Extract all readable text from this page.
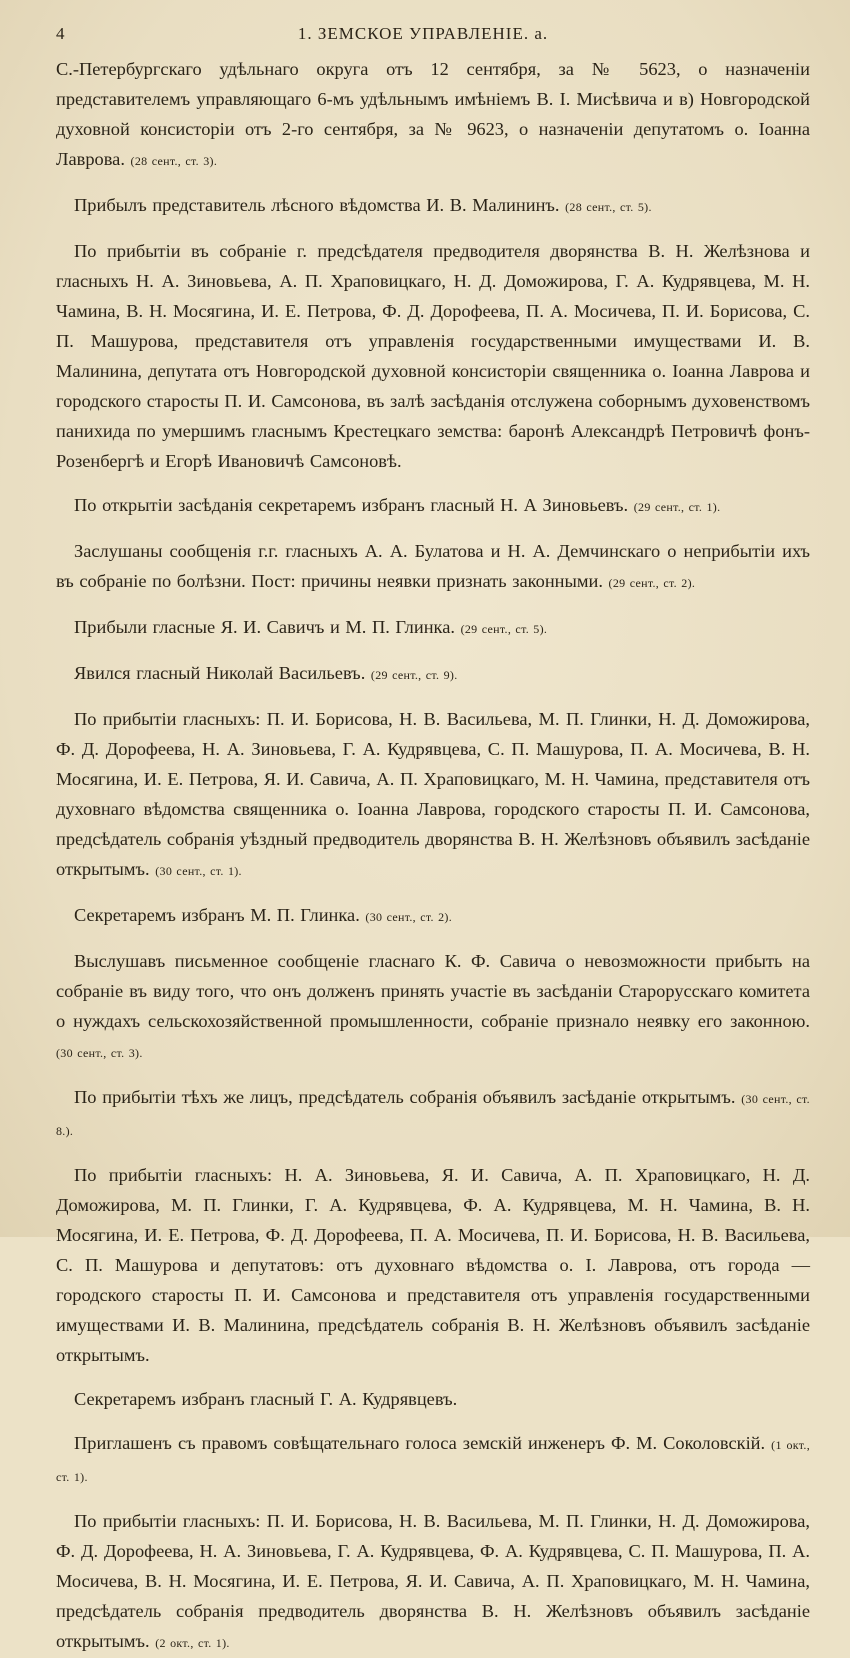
4	1. ЗЕМСКОЕ УПРАВЛЕНІЕ. а.

С.-Петербургскаго удѣльнаго округа отъ 12 сентября, за № 5623, о назначеніи представителемъ управляющаго 6-мъ удѣльнымъ имѣніемъ В. I. Мисѣвича и в) Новгородской духовной консисторіи отъ 2-го сентября, за № 9623, о назначеніи депутатомъ о. Іоанна Лаврова. (28 сент., ст. 3).

Прибылъ представитель лѣсного вѣдомства И. В. Малининъ. (28 сент., ст. 5).

По прибытіи въ собраніе г. предсѣдателя предводителя дворянства В. Н. Желѣзнова и гласныхъ Н. А. Зиновьева, А. П. Храповицкаго, Н. Д. Доможирова, Г. А. Кудрявцева, М. Н. Чамина, В. Н. Мосягина, И. Е. Петрова, Ф. Д. Дорофеева, П. А. Мосичева, П. И. Борисова, С. П. Машурова, представителя отъ управленія государственными имуществами И. В. Малинина, депутата отъ Новгородской духовной консисторіи священника о. Іоанна Лаврова и городского старосты П. И. Самсонова, въ залѣ засѣданія отслужена соборнымъ духовенствомъ панихида по умершимъ гласнымъ Крестецкаго земства: баронѣ Александрѣ Петровичѣ фонъ-Розенбергѣ и Егорѣ Ивановичѣ Самсоновѣ.

По открытіи засѣданія секретаремъ избранъ гласный Н. А Зиновьевъ. (29 сент., ст. 1).

Заслушаны сообщенія г.г. гласныхъ А. А. Булатова и Н. А. Демчинскаго о неприбытіи ихъ въ собраніе по болѣзни. Пост: причины неявки признать законными. (29 сент., ст. 2).

Прибыли гласные Я. И. Савичъ и М. П. Глинка. (29 сент., ст. 5).

Явился гласный Николай Васильевъ. (29 сент., ст. 9).

По прибытіи гласныхъ: П. И. Борисова, Н. В. Васильева, М. П. Глинки, Н. Д. Доможирова, Ф. Д. Дорофеева, Н. А. Зиновьева, Г. А. Кудрявцева, С. П. Машурова, П. А. Мосичева, В. Н. Мосягина, И. Е. Петрова, Я. И. Савича, А. П. Храповицкаго, М. Н. Чамина, представителя отъ духовнаго вѣдомства священника о. Іоанна Лаврова, городского старосты П. И. Самсонова, предсѣдатель собранія уѣздный предводитель дворянства В. Н. Желѣзновъ объявилъ засѣданіе открытымъ. (30 сент., ст. 1).

Секретаремъ избранъ М. П. Глинка. (30 сент., ст. 2).

Выслушавъ письменное сообщеніе гласнаго К. Ф. Савича о невозможности прибыть на собраніе въ виду того, что онъ долженъ принять участіе въ засѣданіи Старорусскаго комитета о нуждахъ сельскохозяйственной промышленности, собраніе признало неявку его законною. (30 сент., ст. 3).

По прибытіи тѣхъ же лицъ, предсѣдатель собранія объявилъ засѣданіе открытымъ. (30 сент., ст. 8.).

По прибытіи гласныхъ: Н. А. Зиновьева, Я. И. Савича, А. П. Храповицкаго, Н. Д. Доможирова, М. П. Глинки, Г. А. Кудрявцева, Ф. А. Кудрявцева, М. Н. Чамина, В. Н. Мосягина, И. Е. Петрова, Ф. Д. Дорофеева, П. А. Мосичева, П. И. Борисова, Н. В. Васильева, С. П. Машурова и депутатовъ: отъ духовнаго вѣдомства о. І. Лаврова, отъ города — городского старосты П. И. Самсонова и представителя отъ управленія государственными имуществами И. В. Малинина, предсѣдатель собранія В. Н. Желѣзновъ объявилъ засѣданіе открытымъ.

Секретаремъ избранъ гласный Г. А. Кудрявцевъ.

Приглашенъ съ правомъ совѣщательнаго голоса земскій инженеръ Ф. М. Соколовскій. (1 окт., ст. 1).

По прибытіи гласныхъ: П. И. Борисова, Н. В. Васильева, М. П. Глинки, Н. Д. Доможирова, Ф. Д. Дорофеева, Н. А. Зиновьева, Г. А. Кудрявцева, Ф. А. Кудрявцева, С. П. Машурова, П. А. Мосичева, В. Н. Мосягина, И. Е. Петрова, Я. И. Савича, А. П. Храповицкаго, М. Н. Чамина, предсѣдатель собранія предводитель дворянства В. Н. Желѣзновъ объявилъ засѣданіе открытымъ. (2 окт., ст. 1).
